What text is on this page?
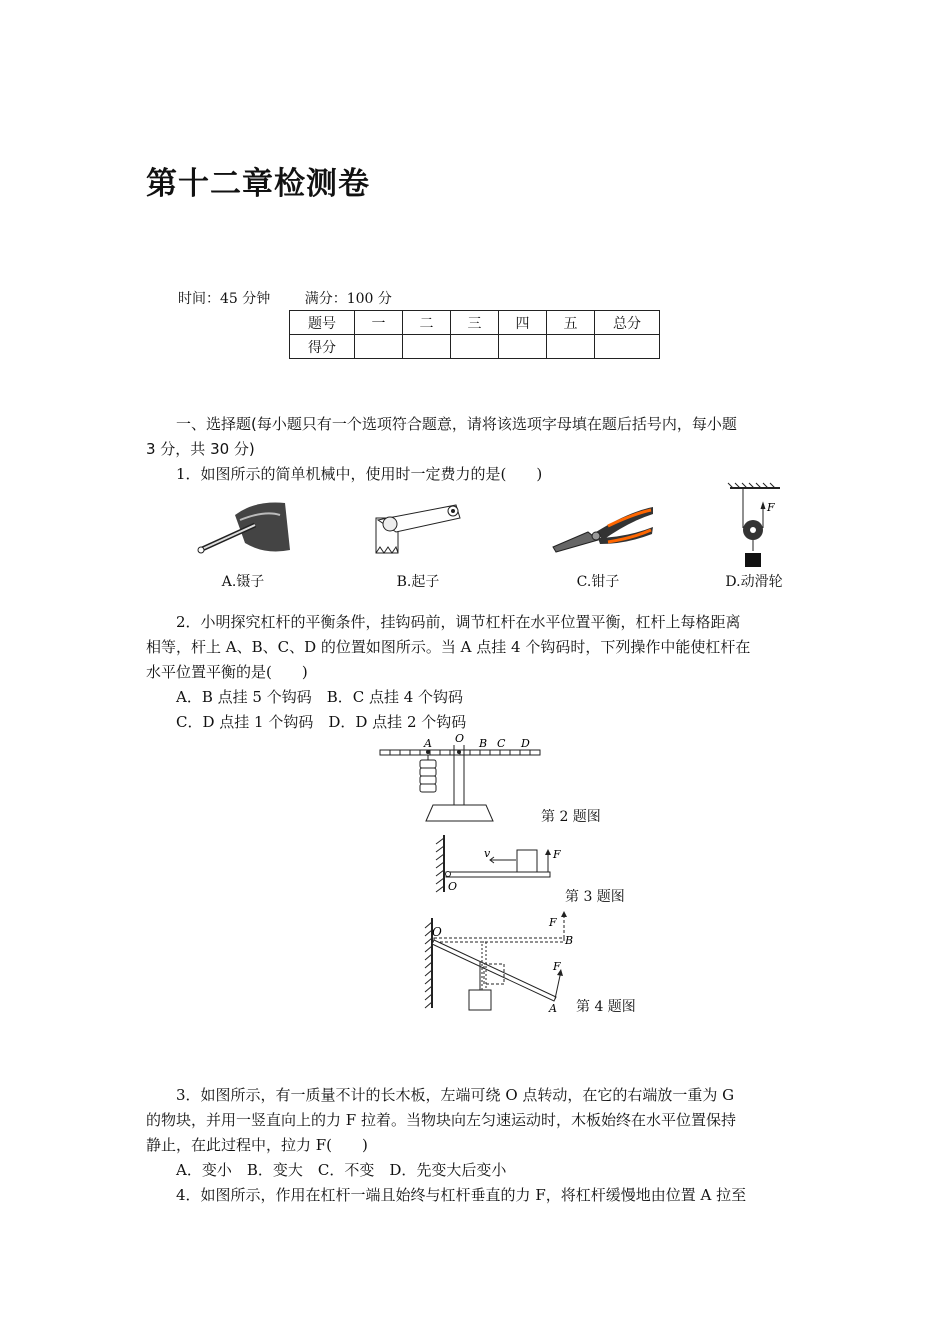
第十二章检测卷
时间：45 分钟 满分：100 分
题号	一	二	三	四	五	总分
得分						

一、选择题(每小题只有一个选项符合题意，请将该选项字母填在题后括号内，每小题

3 分，共 30 分)

1．如图所示的简单机械中，使用时一定费力的是(　　)

F
A.镊子	B.起子	C.钳子	D.动滑轮

2．小明探究杠杆的平衡条件，挂钩码前，调节杠杆在水平位置平衡，杠杆上每格距离

相等，杆上 A、B、C、D 的位置如图所示。当 A 点挂 4 个钩码时，下列操作中能使杠杆在

水平位置平衡的是(　　)

A．B 点挂 5 个钩码　B．C 点挂 4 个钩码

C．D 点挂 1 个钩码　D．D 点挂 2 个钩码

A O B C D
第 2 题图
v	F
O
第 3 题图
O
F
B
F
A 第 4 题图

3．如图所示，有一质量不计的长木板，左端可绕 O 点转动，在它的右端放一重为 G

的物块，并用一竖直向上的力 F 拉着。当物块向左匀速运动时，木板始终在水平位置保持

静止，在此过程中，拉力 F(　　)

A．变小　B．变大　C．不变　D．先变大后变小

4．如图所示，作用在杠杆一端且始终与杠杆垂直的力 F，将杠杆缓慢地由位置 A 拉至
